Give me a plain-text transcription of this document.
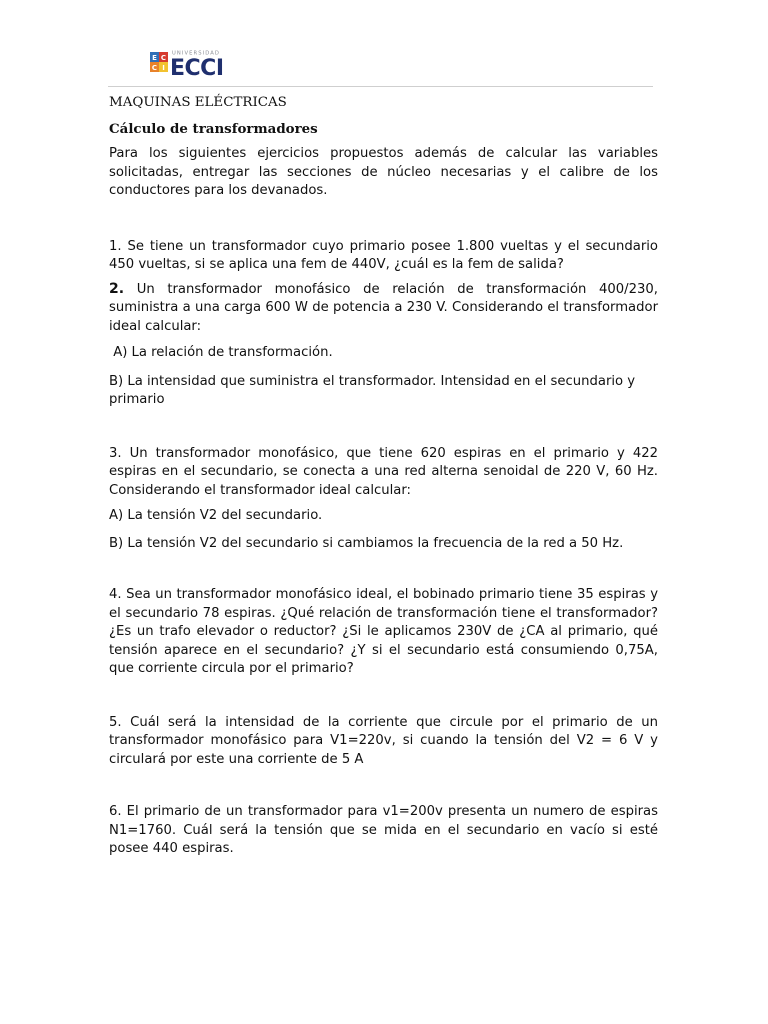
E C
C I
UNIVERSIDAD
ECCI

MAQUINAS ELÉCTRICAS

Cálculo de transformadores

Para los siguientes ejercicios propuestos además de calcular las variables solicitadas, entregar las secciones de núcleo necesarias y el calibre de los conductores para los devanados.

1. Se tiene un transformador cuyo primario posee 1.800 vueltas y el secundario 450 vueltas, si se aplica una fem de 440V, ¿cuál es la fem de salida?

2. Un transformador monofásico de relación de transformación 400/230, suministra a una carga 600 W de potencia a 230 V. Considerando el transformador ideal calcular:

A) La relación de transformación.

B) La intensidad que suministra el transformador. Intensidad en el secundario y primario

3. Un transformador monofásico, que tiene 620 espiras en el primario y 422 espiras en el secundario, se conecta a una red alterna senoidal de 220 V, 60 Hz. Considerando el transformador ideal calcular:

A) La tensión V2 del secundario.

B) La tensión V2 del secundario si cambiamos la frecuencia de la red a 50 Hz.

4. Sea un transformador monofásico ideal, el bobinado primario tiene 35 espiras y el secundario 78 espiras. ¿Qué relación de transformación tiene el transformador? ¿Es un trafo elevador o reductor? ¿Si le aplicamos 230V de ¿CA al primario, qué tensión aparece en el secundario? ¿Y si el secundario está consumiendo 0,75A, que corriente circula por el primario?

5. Cuál será la intensidad de la corriente que circule por el primario de un transformador monofásico para V1=220v, si cuando la tensión del V2 = 6 V y circulará por este una corriente de 5 A

6. El primario de un transformador para v1=200v presenta un numero de espiras N1=1760. Cuál será la tensión que se mida en el secundario en vacío si esté posee 440 espiras.
